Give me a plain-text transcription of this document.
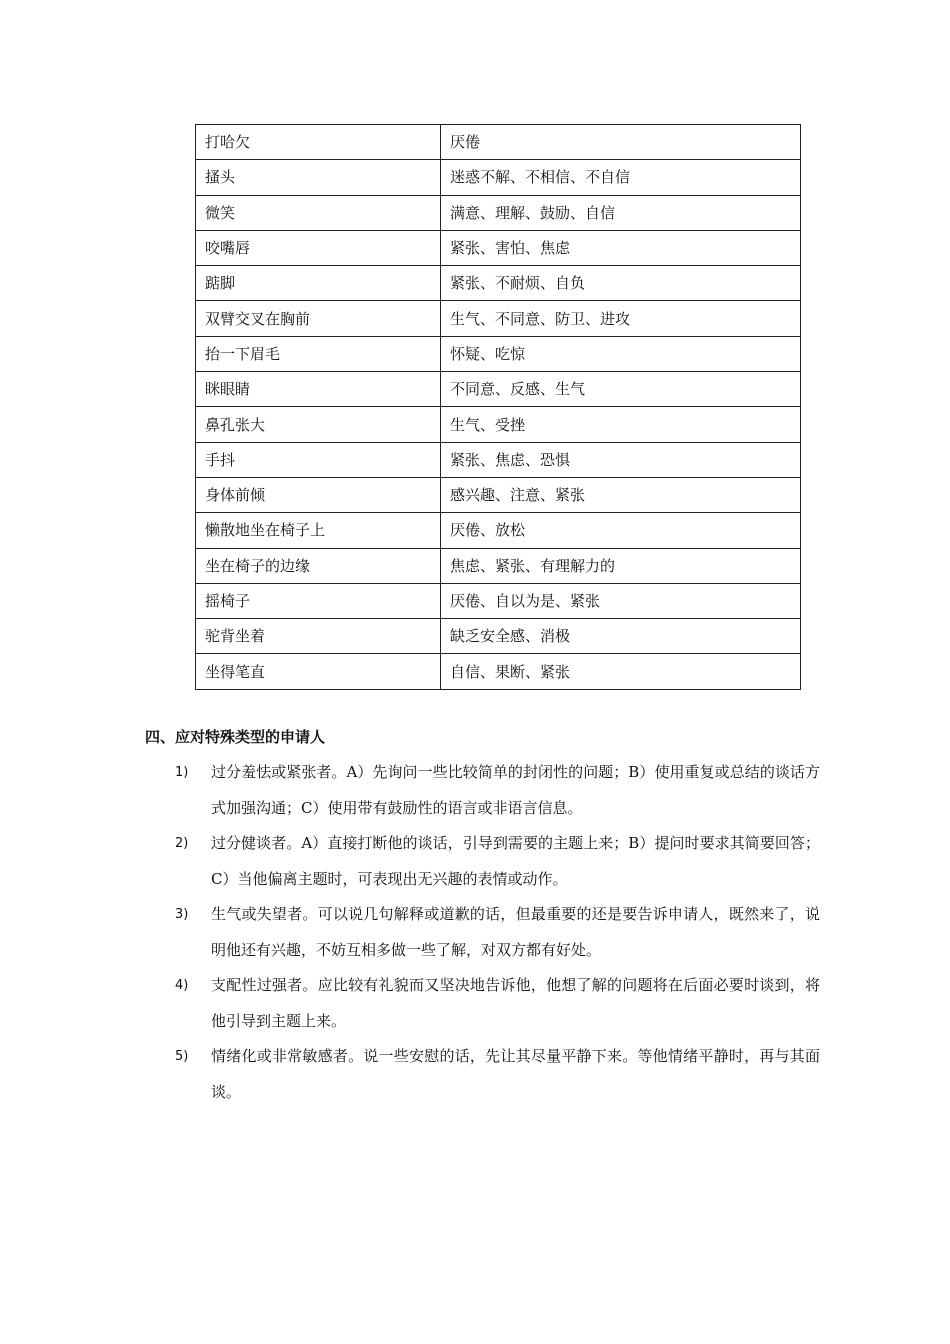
打哈欠	厌倦
搔头	迷惑不解、不相信、不自信
微笑	满意、理解、鼓励、自信
咬嘴唇	紧张、害怕、焦虑
踮脚	紧张、不耐烦、自负
双臂交叉在胸前	生气、不同意、防卫、进攻
抬一下眉毛	怀疑、吃惊
眯眼睛	不同意、反感、生气
鼻孔张大	生气、受挫
手抖	紧张、焦虑、恐惧
身体前倾	感兴趣、注意、紧张
懒散地坐在椅子上	厌倦、放松
坐在椅子的边缘	焦虑、紧张、有理解力的
摇椅子	厌倦、自以为是、紧张
驼背坐着	缺乏安全感、消极
坐得笔直	自信、果断、紧张
四、应对特殊类型的申请人
1)	过分羞怯或紧张者。A）先询问一些比较简单的封闭性的问题；B）使用重复或总结的谈话方式加强沟通；C）使用带有鼓励性的语言或非语言信息。
2)	过分健谈者。A）直接打断他的谈话，引导到需要的主题上来；B）提问时要求其简要回答；C）当他偏离主题时，可表现出无兴趣的表情或动作。
3)	生气或失望者。可以说几句解释或道歉的话，但最重要的还是要告诉申请人，既然来了，说明他还有兴趣，不妨互相多做一些了解，对双方都有好处。
4)	支配性过强者。应比较有礼貌而又坚决地告诉他，他想了解的问题将在后面必要时谈到，将他引导到主题上来。
5)	情绪化或非常敏感者。说一些安慰的话，先让其尽量平静下来。等他情绪平静时，再与其面谈。
